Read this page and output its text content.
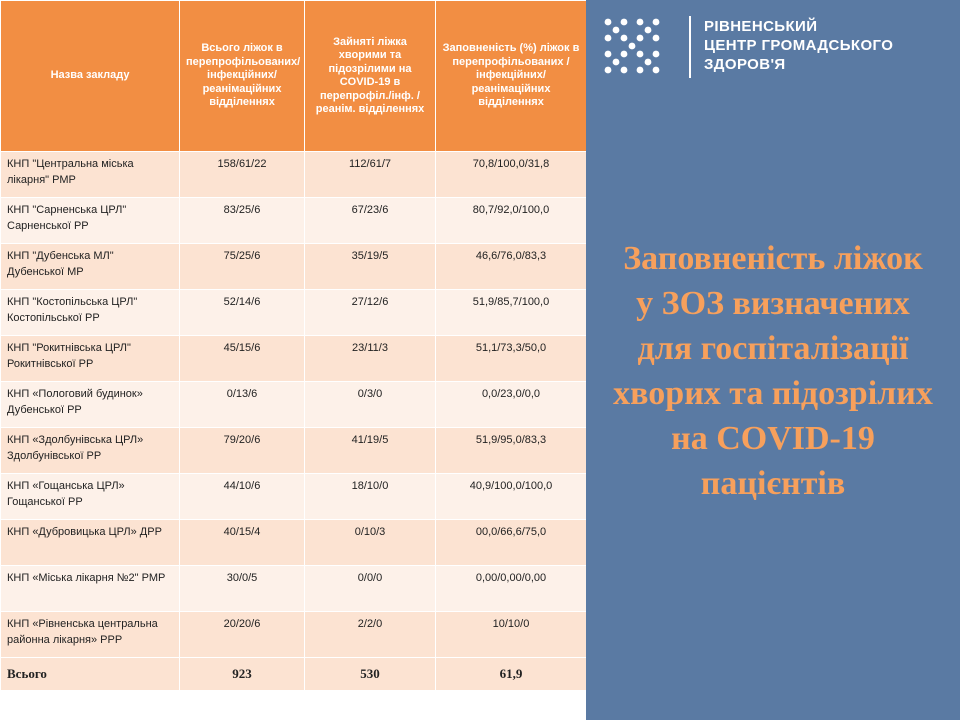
Назва закладу	Всього ліжок в перепрофільованих/інфекційних/реанімаційних відділеннях	Зайняті ліжка хворими та підозрілими на COVID-19 в перепрофіл./інф. /реанім. відділеннях	Заповненість (%) ліжок в перепрофільованих /інфекційних/ реанімаційних відділеннях
КНП "Центральна міська лікарня" РМР	158/61/22	112/61/7	70,8/100,0/31,8
КНП "Сарненська ЦРЛ" Сарненської РР	83/25/6	67/23/6	80,7/92,0/100,0
КНП "Дубенська МЛ" Дубенської МР	75/25/6	35/19/5	46,6/76,0/83,3
КНП "Костопільська ЦРЛ" Костопільської РР	52/14/6	27/12/6	51,9/85,7/100,0
КНП "Рокитнівська ЦРЛ" Рокитнівської РР	45/15/6	23/11/3	51,1/73,3/50,0
КНП «Пологовий будинок» Дубенської РР	0/13/6	0/3/0	0,0/23,0/0,0
КНП «Здолбунівська ЦРЛ» Здолбунівської РР	79/20/6	41/19/5	51,9/95,0/83,3
КНП «Гощанська ЦРЛ» Гощанської РР	44/10/6	18/10/0	40,9/100,0/100,0
КНП «Дубровицька ЦРЛ» ДРР	40/15/4	0/10/3	00,0/66,6/75,0
КНП «Міська лікарня №2" РМР	30/0/5	0/0/0	0,00/0,00/0,00
КНП «Рівненська центральна районна лікарня» РРР	20/20/6	2/2/0	10/10/0
Всього	923	530	61,9
РІВНЕНСЬКИЙ
ЦЕНТР ГРОМАДСЬКОГО
ЗДОРОВ'Я
Заповненість ліжок
у ЗОЗ визначених
для госпіталізації
хворих та підозрілих
на COVID-19
пацієнтів
